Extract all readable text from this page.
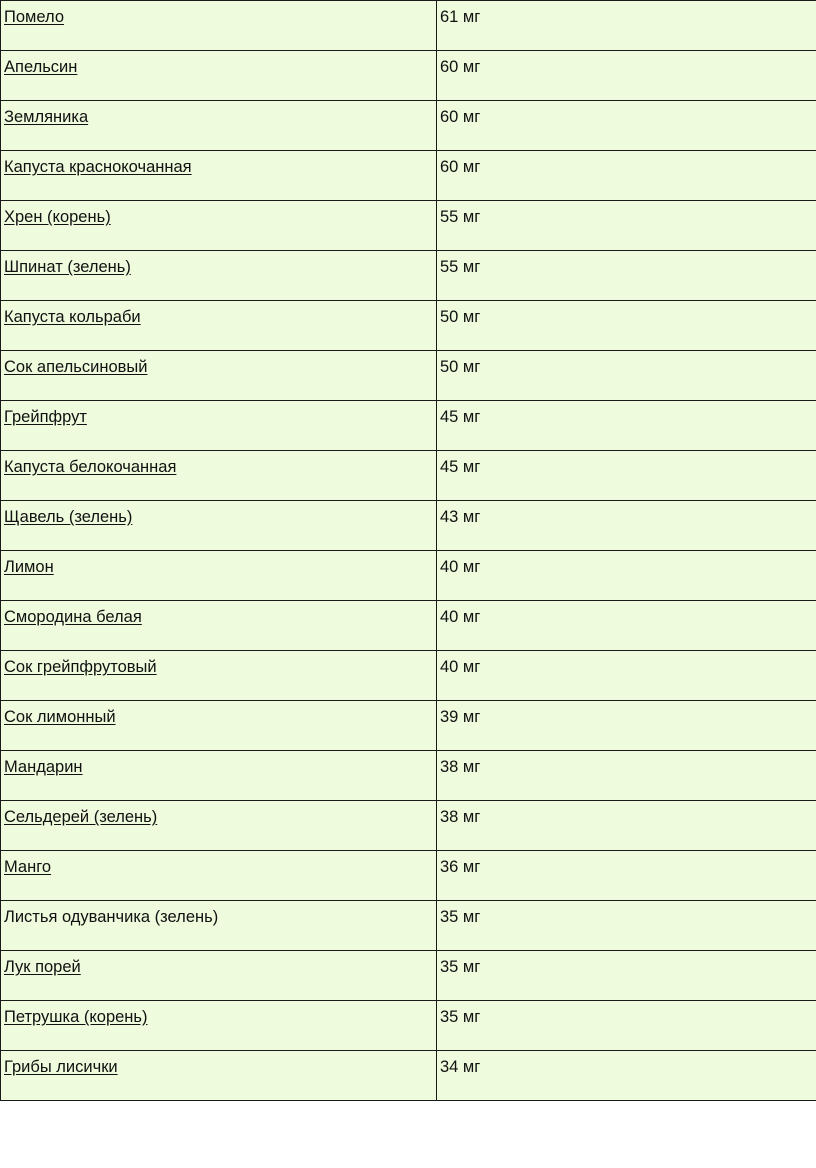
Помело	61 мг
Апельсин	60 мг
Земляника	60 мг
Капуста краснокочанная	60 мг
Хрен (корень)	55 мг
Шпинат (зелень)	55 мг
Капуста кольраби	50 мг
Сок апельсиновый	50 мг
Грейпфрут	45 мг
Капуста белокочанная	45 мг
Щавель (зелень)	43 мг
Лимон	40 мг
Смородина белая	40 мг
Сок грейпфрутовый	40 мг
Сок лимонный	39 мг
Мандарин	38 мг
Сельдерей (зелень)	38 мг
Манго	36 мг
Листья одуванчика (зелень)	35 мг
Лук порей	35 мг
Петрушка (корень)	35 мг
Грибы лисички	34 мг
